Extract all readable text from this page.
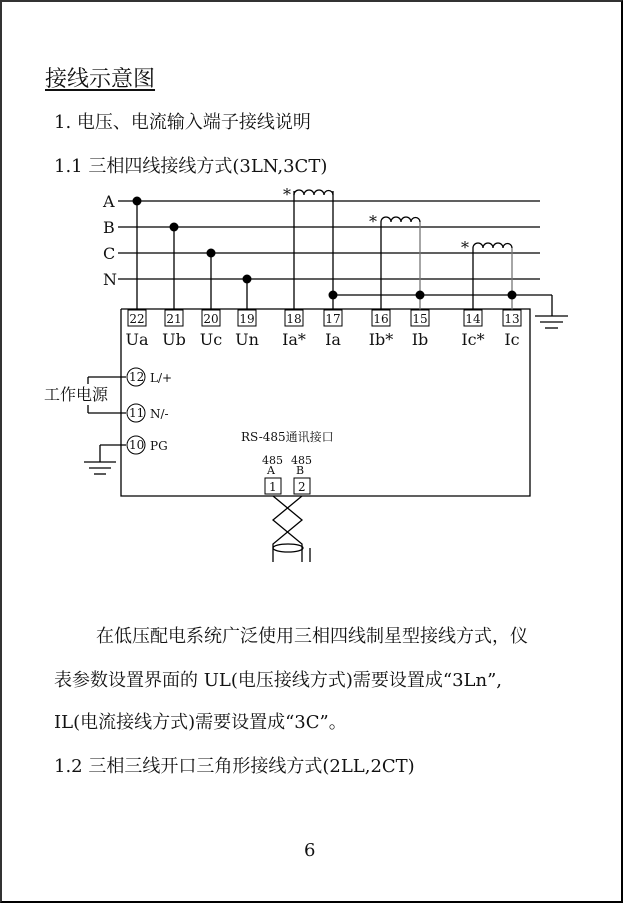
接线示意图
1. 电压、电流输入端子接线说明
1.1 三相四线接线方式(3LN,3CT)
A
B
C
N
*
*
*
22
Ua
21
Ub
20
Uc
19
Un
18
Ia*
17
Ia
16
Ib*
15
Ib
14
Ic*
13
Ic
12 L/+
11 N/-
10 PG
工作电源
RS-485通讯接口
485 485
A B
1 2
在低压配电系统广泛使用三相四线制星型接线方式，仪
表参数设置界面的 UL(电压接线方式)需要设置成“3Ln”,
IL(电流接线方式)需要设置成“3C”。
1.2 三相三线开口三角形接线方式(2LL,2CT)
6
